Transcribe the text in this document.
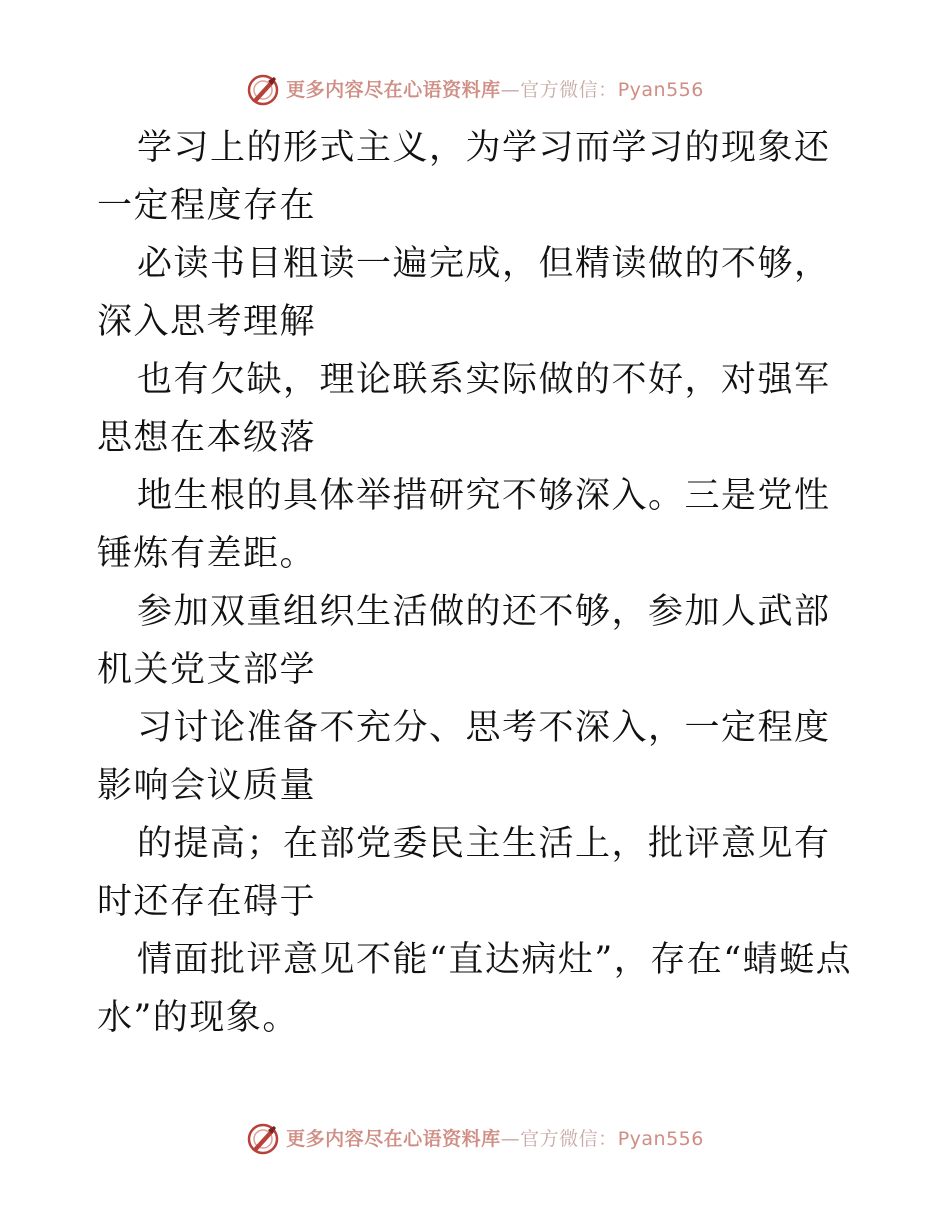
更多内容尽在心语资料库—官方微信：Pyan556

学习上的形式主义，为学习而学习的现象还一定程度存在

必读书目粗读一遍完成，但精读做的不够，深入思考理解

也有欠缺，理论联系实际做的不好，对强军思想在本级落

地生根的具体举措研究不够深入。三是党性锤炼有差距。

参加双重组织生活做的还不够，参加人武部机关党支部学

习讨论准备不充分、思考不深入，一定程度影响会议质量

的提高；在部党委民主生活上，批评意见有时还存在碍于

情面批评意见不能“直达病灶”，存在“蜻蜓点水”的现象。

更多内容尽在心语资料库—官方微信：Pyan556
